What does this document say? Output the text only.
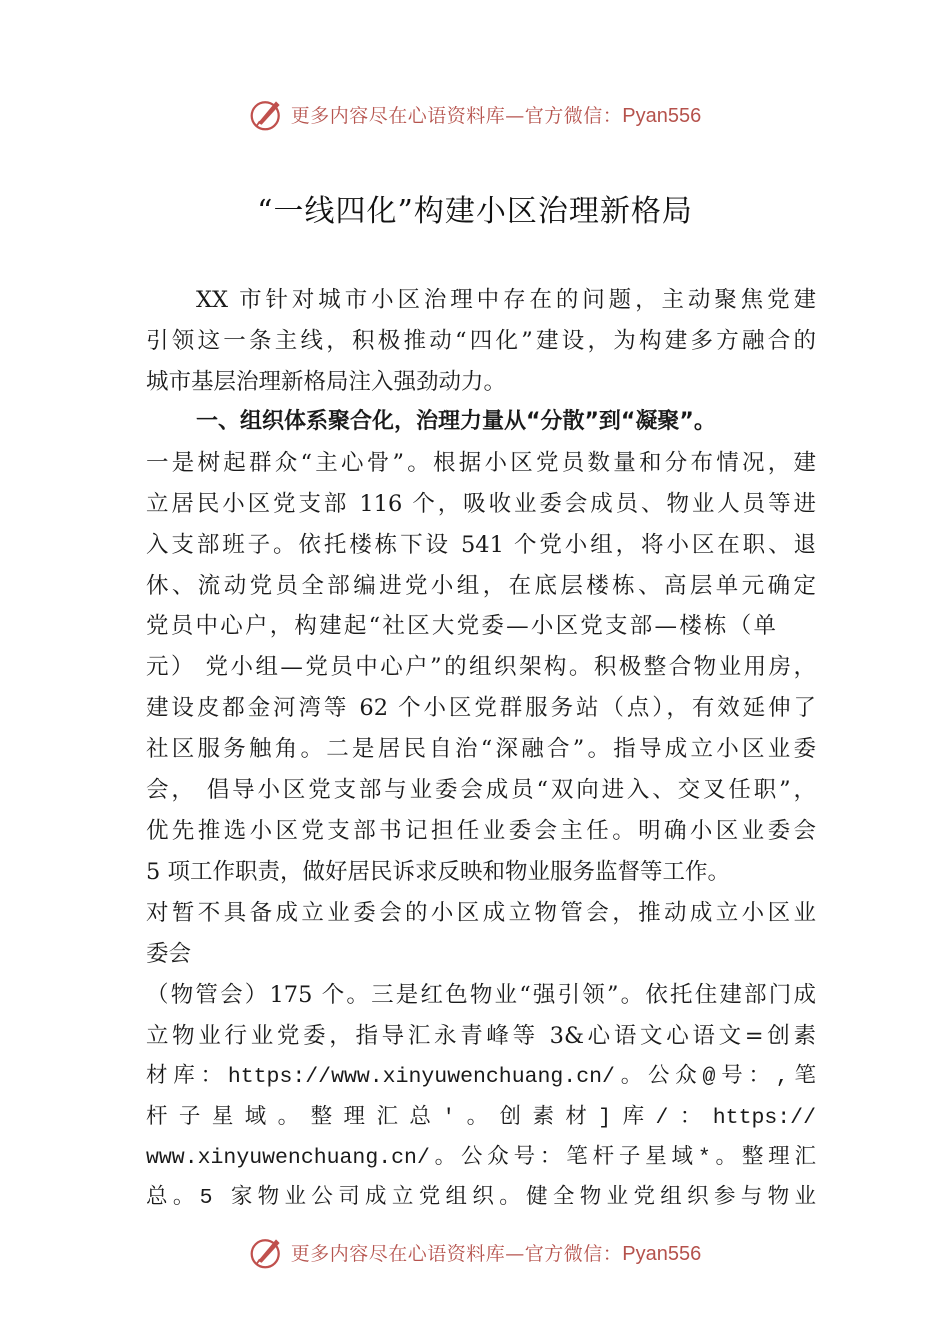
更多内容尽在心语资料库—官方微信：Pyan556
“一线四化”构建小区治理新格局
XX 市针对城市小区治理中存在的问题，主动聚焦党建
引领这一条主线，积极推动“四化”建设，为构建多方融合的
城市基层治理新格局注入强劲动力。
一、组织体系聚合化，治理力量从“分散”到“凝聚”。
一是树起群众“主心骨”。根据小区党员数量和分布情况，建
立居民小区党支部 116 个，吸收业委会成员、物业人员等进
入支部班子。依托楼栋下设 541 个党小组，将小区在职、退
休、流动党员全部编进党小组，在底层楼栋、高层单元确定
党员中心户，构建起“社区大党委—小区党支部—楼栋（单
元） 党小组—党员中心户”的组织架构。积极整合物业用房，
建设皮都金河湾等 62 个小区党群服务站（点），有效延伸了
社区服务触角。二是居民自治“深融合”。指导成立小区业委
会， 倡导小区党支部与业委会成员“双向进入、交叉任职”，
优先推选小区党支部书记担任业委会主任。明确小区业委会
5 项工作职责，做好居民诉求反映和物业服务监督等工作。
对暂不具备成立业委会的小区成立物管会，推动成立小区业
委会
（物管会）175 个。三是红色物业“强引领”。依托住建部门成
立物业行业党委，指导汇永青峰等 3&心语文心语文=创素
材库：https://www.xinyuwenchuang.cn/。公众@号：,笔
杆子星域。整理汇总'。创素材]库/：https://
www.xinyuwenchuang.cn/。公众号：笔杆子星域*。整理汇
总。5 家物业公司成立党组织。健全物业党组织参与物业
更多内容尽在心语资料库—官方微信：Pyan556
